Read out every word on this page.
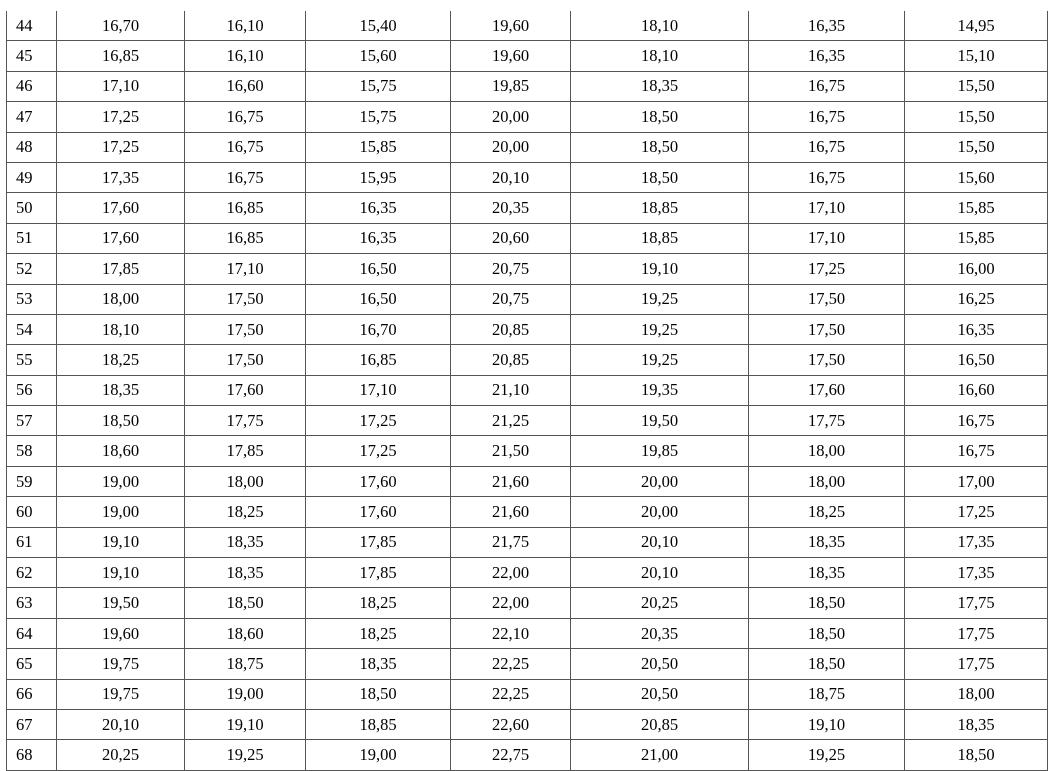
44	16,70	16,10	15,40	19,60	18,10	16,35	14,95
45	16,85	16,10	15,60	19,60	18,10	16,35	15,10
46	17,10	16,60	15,75	19,85	18,35	16,75	15,50
47	17,25	16,75	15,75	20,00	18,50	16,75	15,50
48	17,25	16,75	15,85	20,00	18,50	16,75	15,50
49	17,35	16,75	15,95	20,10	18,50	16,75	15,60
50	17,60	16,85	16,35	20,35	18,85	17,10	15,85
51	17,60	16,85	16,35	20,60	18,85	17,10	15,85
52	17,85	17,10	16,50	20,75	19,10	17,25	16,00
53	18,00	17,50	16,50	20,75	19,25	17,50	16,25
54	18,10	17,50	16,70	20,85	19,25	17,50	16,35
55	18,25	17,50	16,85	20,85	19,25	17,50	16,50
56	18,35	17,60	17,10	21,10	19,35	17,60	16,60
57	18,50	17,75	17,25	21,25	19,50	17,75	16,75
58	18,60	17,85	17,25	21,50	19,85	18,00	16,75
59	19,00	18,00	17,60	21,60	20,00	18,00	17,00
60	19,00	18,25	17,60	21,60	20,00	18,25	17,25
61	19,10	18,35	17,85	21,75	20,10	18,35	17,35
62	19,10	18,35	17,85	22,00	20,10	18,35	17,35
63	19,50	18,50	18,25	22,00	20,25	18,50	17,75
64	19,60	18,60	18,25	22,10	20,35	18,50	17,75
65	19,75	18,75	18,35	22,25	20,50	18,50	17,75
66	19,75	19,00	18,50	22,25	20,50	18,75	18,00
67	20,10	19,10	18,85	22,60	20,85	19,10	18,35
68	20,25	19,25	19,00	22,75	21,00	19,25	18,50
